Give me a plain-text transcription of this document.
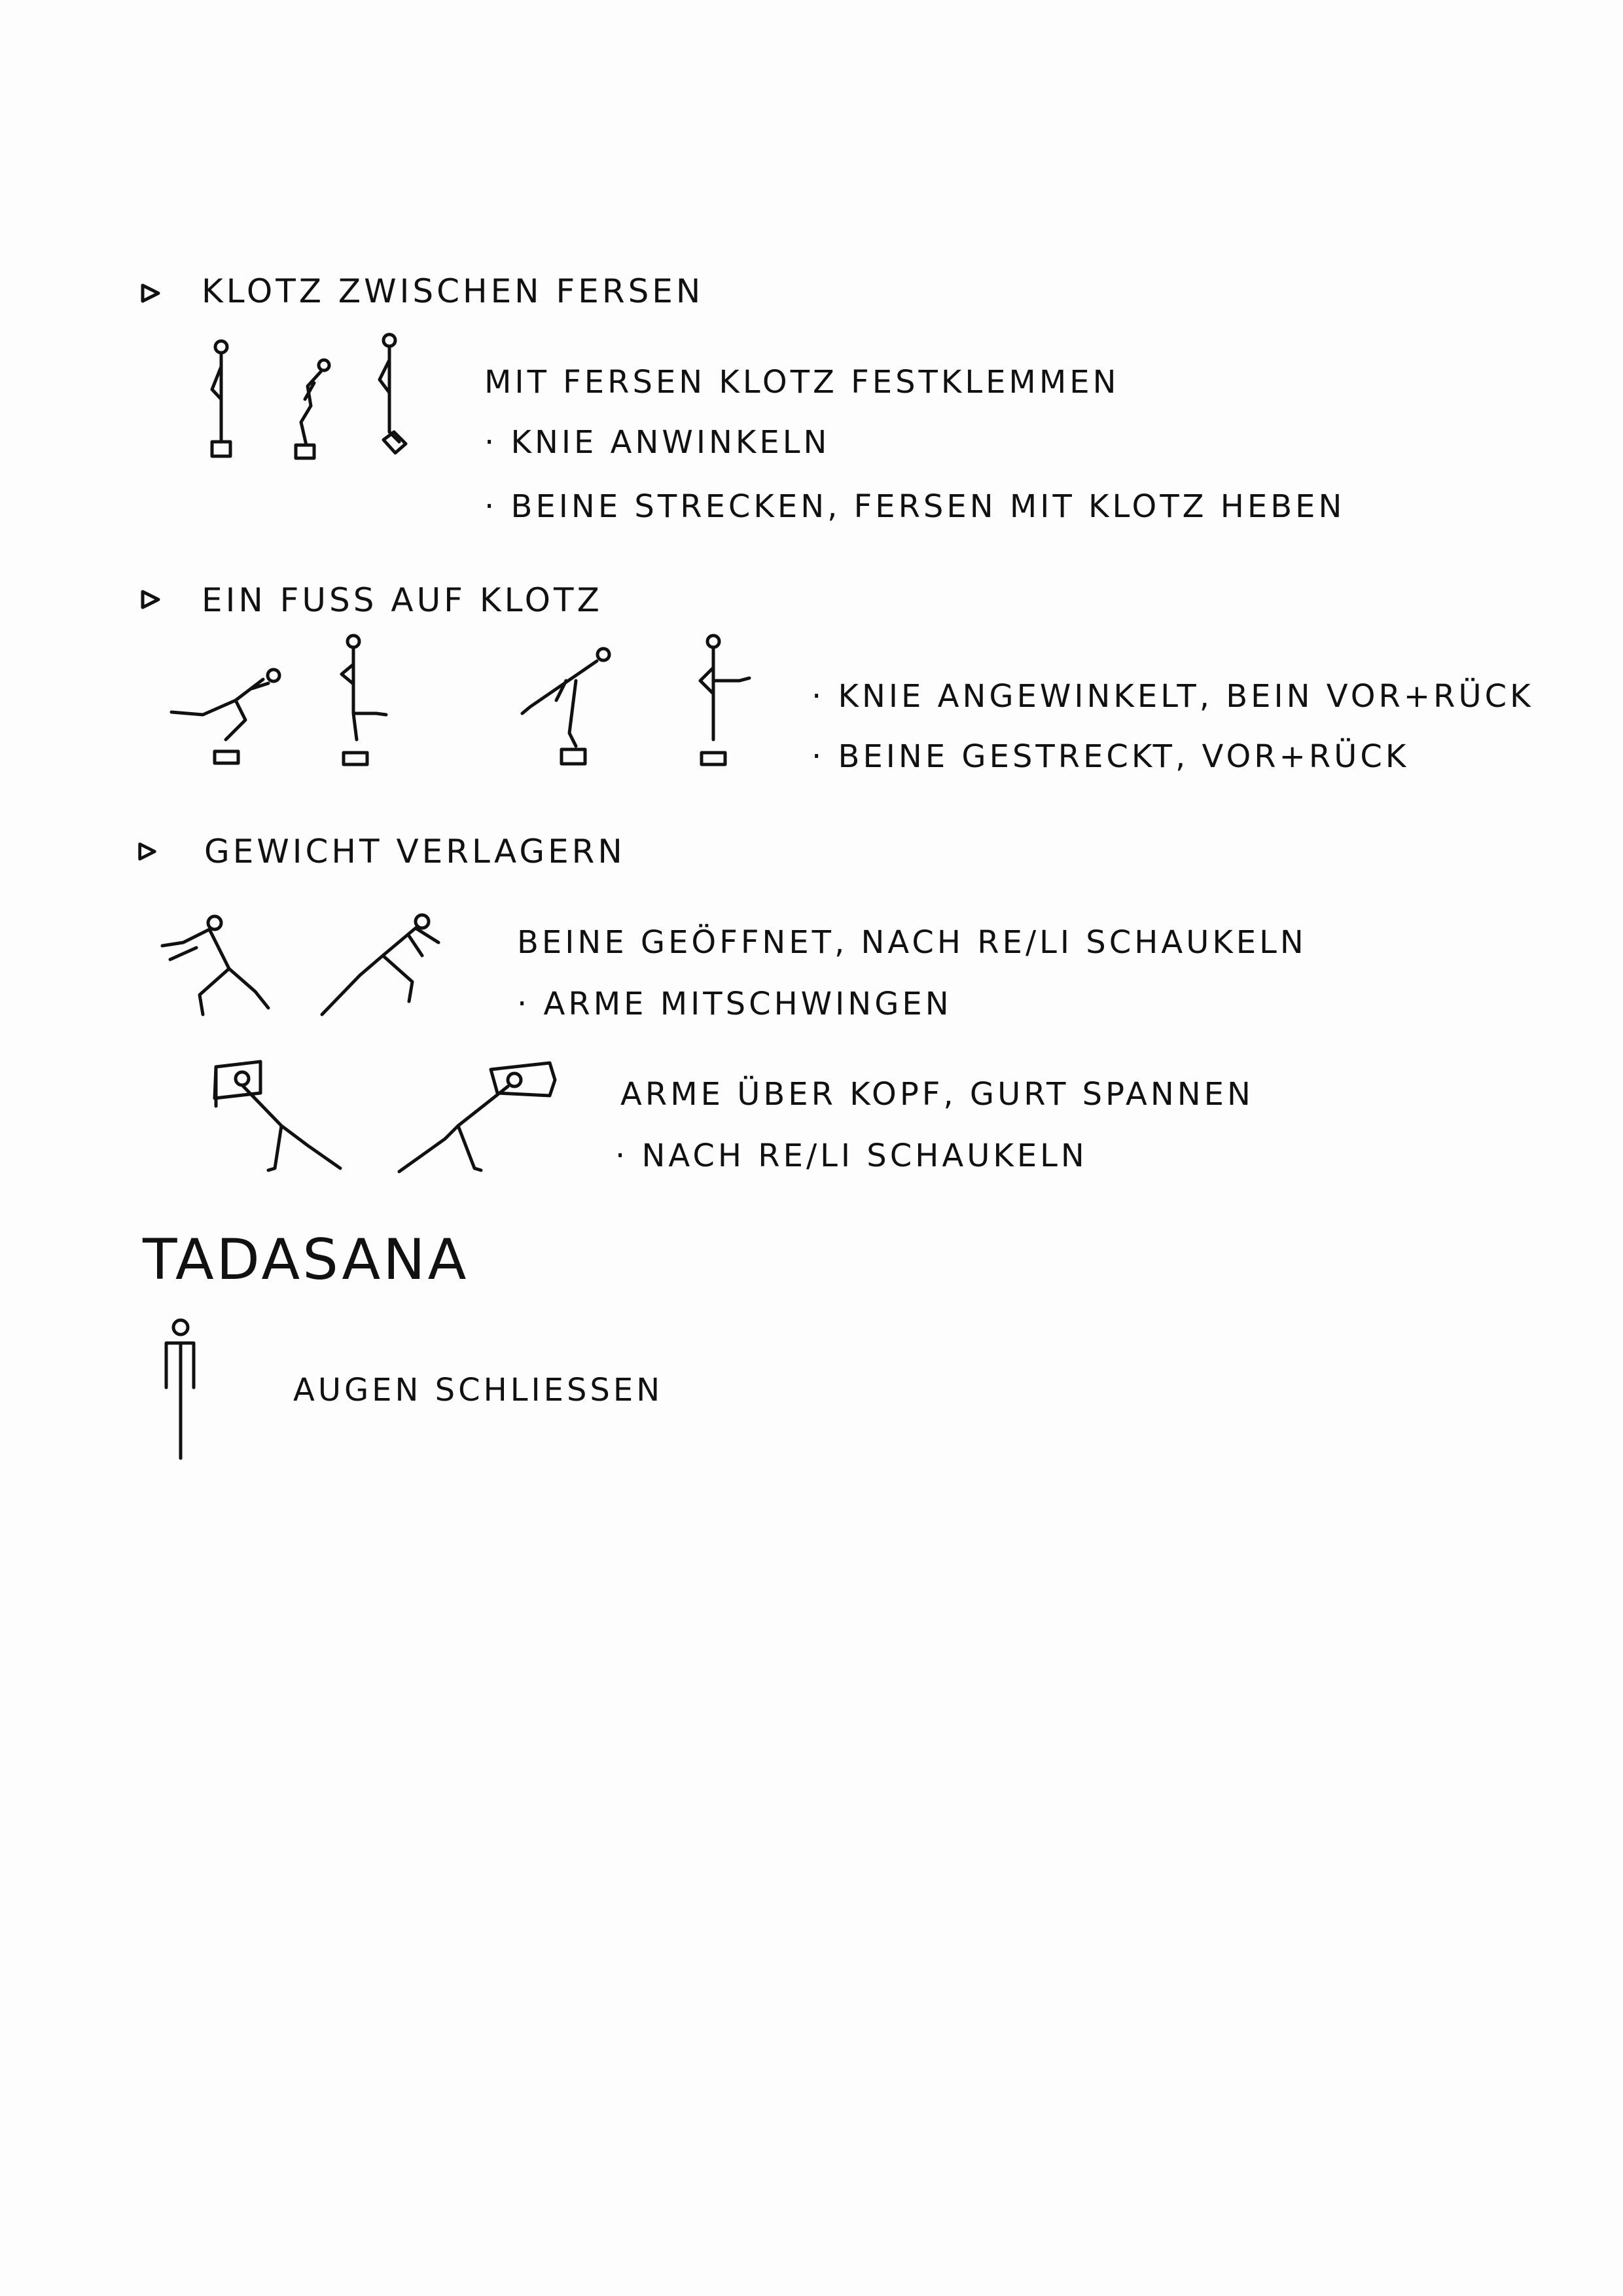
KLOTZ ZWISCHEN FERSEN
MIT FERSEN KLOTZ FESTKLEMMEN
· KNIE ANWINKELN
· BEINE STRECKEN, FERSEN MIT KLOTZ HEBEN
EIN FUSS AUF KLOTZ
· KNIE ANGEWINKELT, BEIN VOR+RÜCK
· BEINE GESTRECKT, VOR+RÜCK
GEWICHT VERLAGERN
BEINE GEÖFFNET, NACH RE/LI SCHAUKELN
· ARME MITSCHWINGEN
ARME ÜBER KOPF, GURT SPANNEN
· NACH RE/LI SCHAUKELN
TADASANA
AUGEN SCHLIESSEN
